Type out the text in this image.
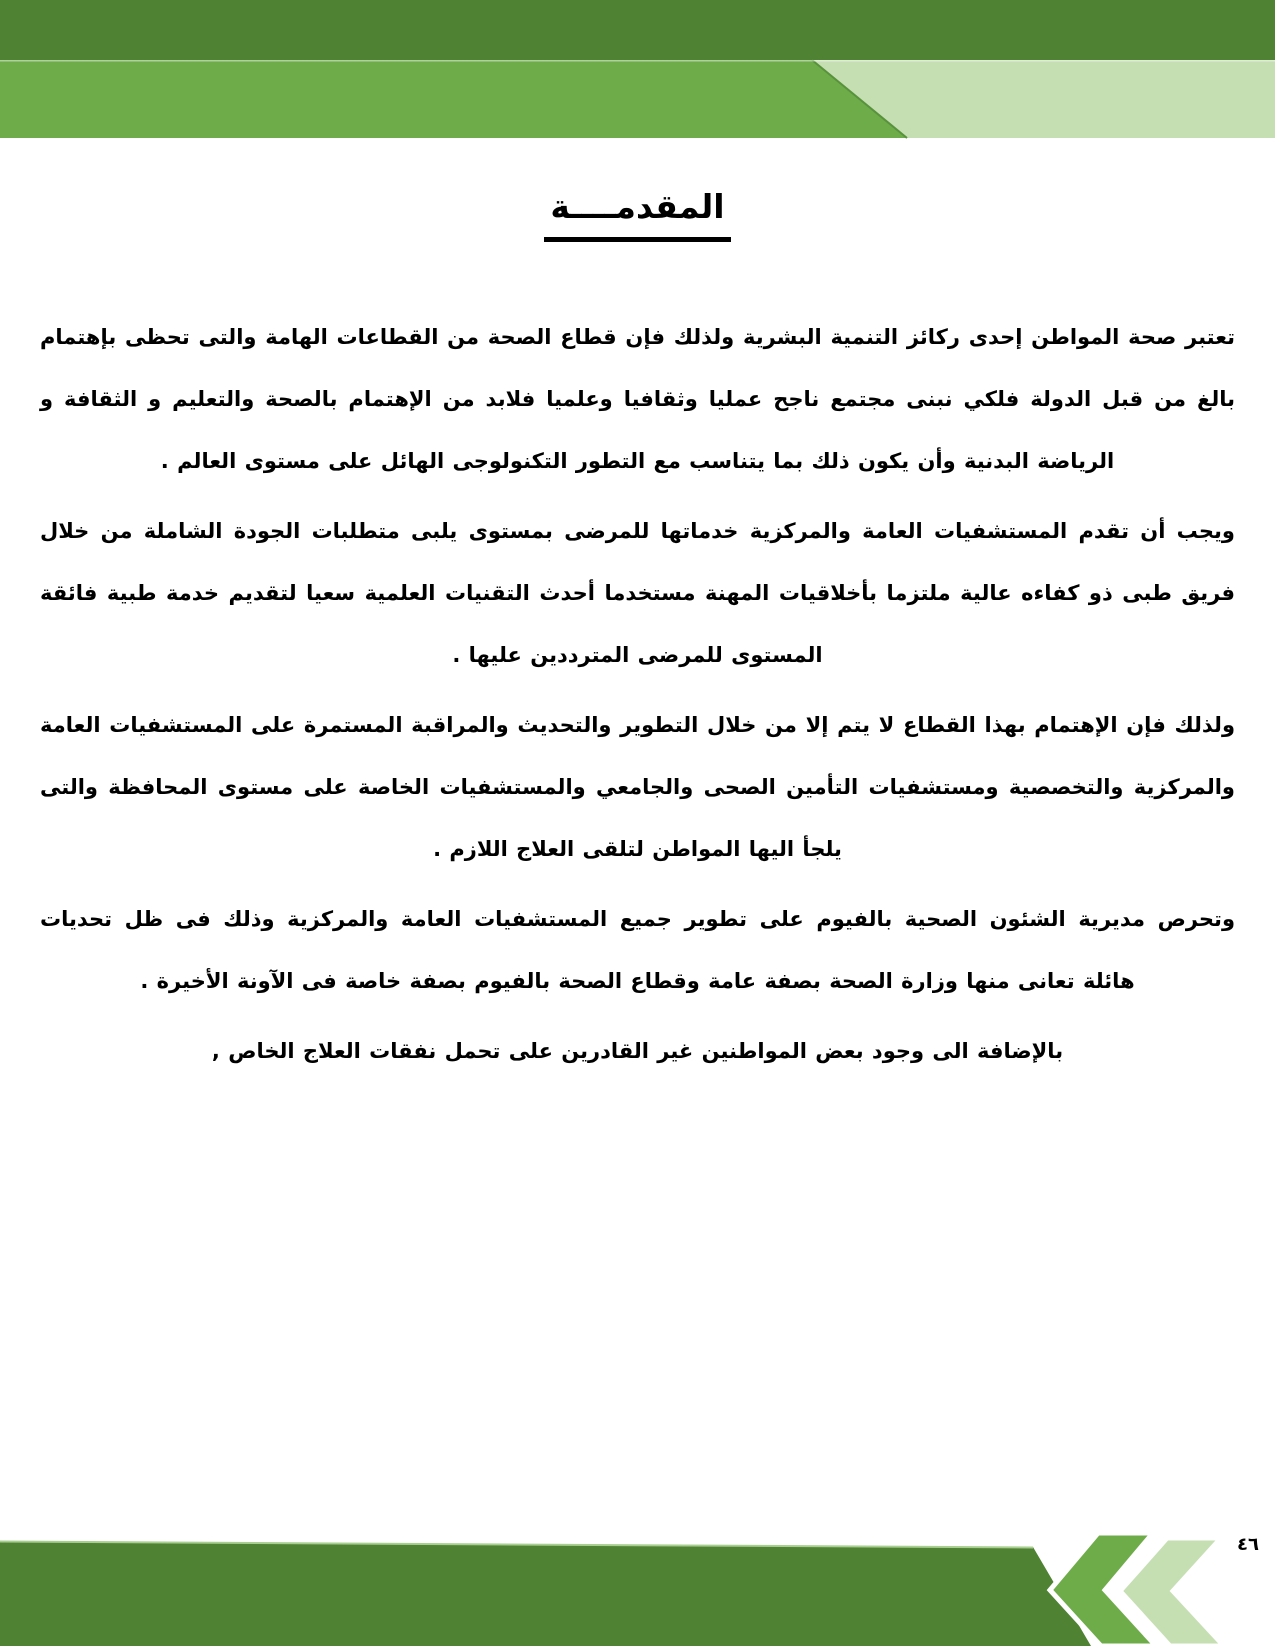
المقدمــــة

تعتبر صحة المواطن إحدى ركائز التنمية البشرية ولذلك فإن قطاع الصحة من القطاعات الهامة والتى تحظى بإهتمام بالغ من قبل الدولة فلكي نبنى مجتمع ناجح عمليا وثقافيا وعلميا فلابد من الإهتمام بالصحة والتعليم و الثقافة و الرياضة البدنية وأن يكون ذلك بما يتناسب مع التطور التكنولوجى الهائل على مستوى العالم .

ويجب أن تقدم المستشفيات العامة والمركزية خدماتها للمرضى بمستوى يلبى متطلبات الجودة الشاملة من خلال فريق طبى ذو كفاءه عالية ملتزما بأخلاقيات المهنة مستخدما أحدث التقنيات العلمية سعيا لتقديم خدمة طبية فائقة المستوى للمرضى المترددين عليها .

ولذلك فإن الإهتمام بهذا القطاع لا يتم إلا من خلال التطوير والتحديث والمراقبة المستمرة على المستشفيات العامة والمركزية والتخصصية ومستشفيات التأمين الصحى والجامعي والمستشفيات الخاصة على مستوى المحافظة والتى يلجأ اليها المواطن لتلقى العلاج اللازم .

وتحرص مديرية الشئون الصحية بالفيوم على تطوير جميع المستشفيات العامة والمركزية وذلك فى ظل تحديات هائلة تعانى منها وزارة الصحة بصفة عامة وقطاع الصحة بالفيوم بصفة خاصة فى الآونة الأخيرة .

بالإضافة الى وجود بعض المواطنين غير القادرين على تحمل نفقات العلاج الخاص ,

٤٦
